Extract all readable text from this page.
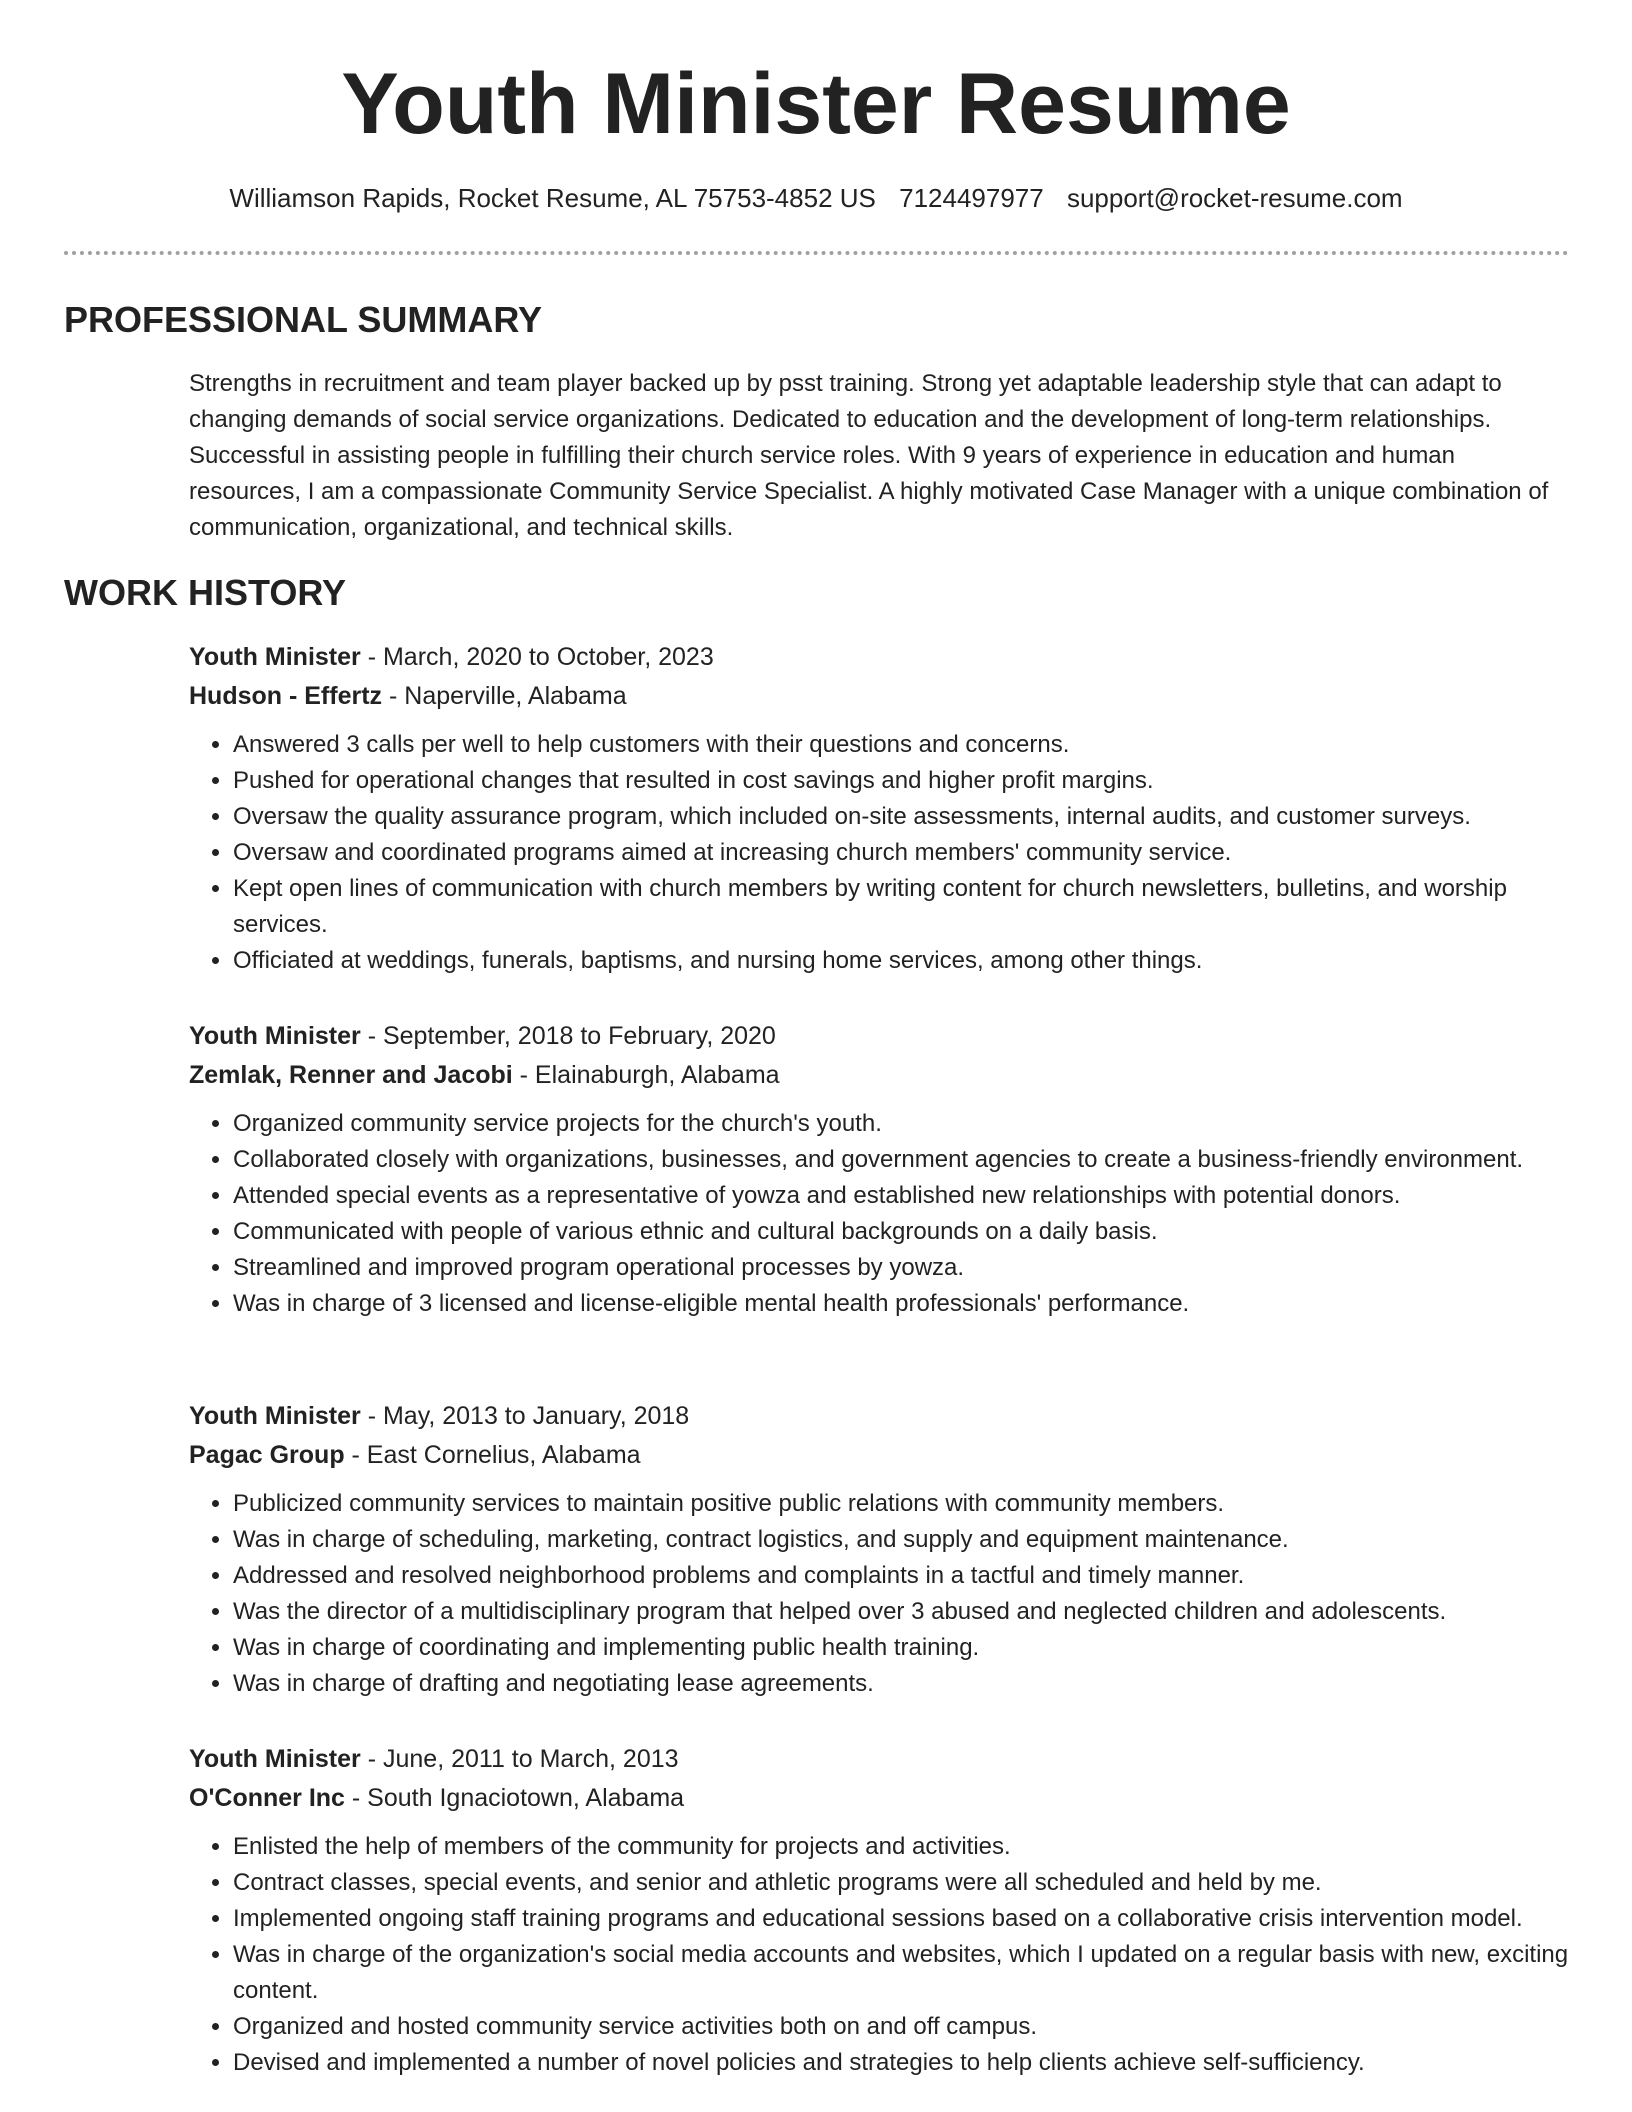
Youth Minister Resume
Williamson Rapids, Rocket Resume, AL 75753-4852 US 7124497977 support@rocket-resume.com
PROFESSIONAL SUMMARY

Strengths in recruitment and team player backed up by psst training. Strong yet adaptable leadership style that can adapt to changing demands of social service organizations. Dedicated to education and the development of long-term relationships. Successful in assisting people in fulfilling their church service roles. With 9 years of experience in education and human resources, I am a compassionate Community Service Specialist. A highly motivated Case Manager with a unique combination of communication, organizational, and technical skills.

WORK HISTORY
Youth Minister - March, 2020 to October, 2023
Hudson - Effertz - Naperville, Alabama
• Answered 3 calls per well to help customers with their questions and concerns.
• Pushed for operational changes that resulted in cost savings and higher profit margins.
• Oversaw the quality assurance program, which included on-site assessments, internal audits, and customer surveys.
• Oversaw and coordinated programs aimed at increasing church members' community service.
• Kept open lines of communication with church members by writing content for church newsletters, bulletins, and worship services.
• Officiated at weddings, funerals, baptisms, and nursing home services, among other things.
Youth Minister - September, 2018 to February, 2020
Zemlak, Renner and Jacobi - Elainaburgh, Alabama
• Organized community service projects for the church's youth.
• Collaborated closely with organizations, businesses, and government agencies to create a business-friendly environment.
• Attended special events as a representative of yowza and established new relationships with potential donors.
• Communicated with people of various ethnic and cultural backgrounds on a daily basis.
• Streamlined and improved program operational processes by yowza.
• Was in charge of 3 licensed and license-eligible mental health professionals' performance.
Youth Minister - May, 2013 to January, 2018
Pagac Group - East Cornelius, Alabama
• Publicized community services to maintain positive public relations with community members.
• Was in charge of scheduling, marketing, contract logistics, and supply and equipment maintenance.
• Addressed and resolved neighborhood problems and complaints in a tactful and timely manner.
• Was the director of a multidisciplinary program that helped over 3 abused and neglected children and adolescents.
• Was in charge of coordinating and implementing public health training.
• Was in charge of drafting and negotiating lease agreements.
Youth Minister - June, 2011 to March, 2013
O'Conner Inc - South Ignaciotown, Alabama
• Enlisted the help of members of the community for projects and activities.
• Contract classes, special events, and senior and athletic programs were all scheduled and held by me.
• Implemented ongoing staff training programs and educational sessions based on a collaborative crisis intervention model.
• Was in charge of the organization's social media accounts and websites, which I updated on a regular basis with new, exciting content.
• Organized and hosted community service activities both on and off campus.
• Devised and implemented a number of novel policies and strategies to help clients achieve self-sufficiency.
